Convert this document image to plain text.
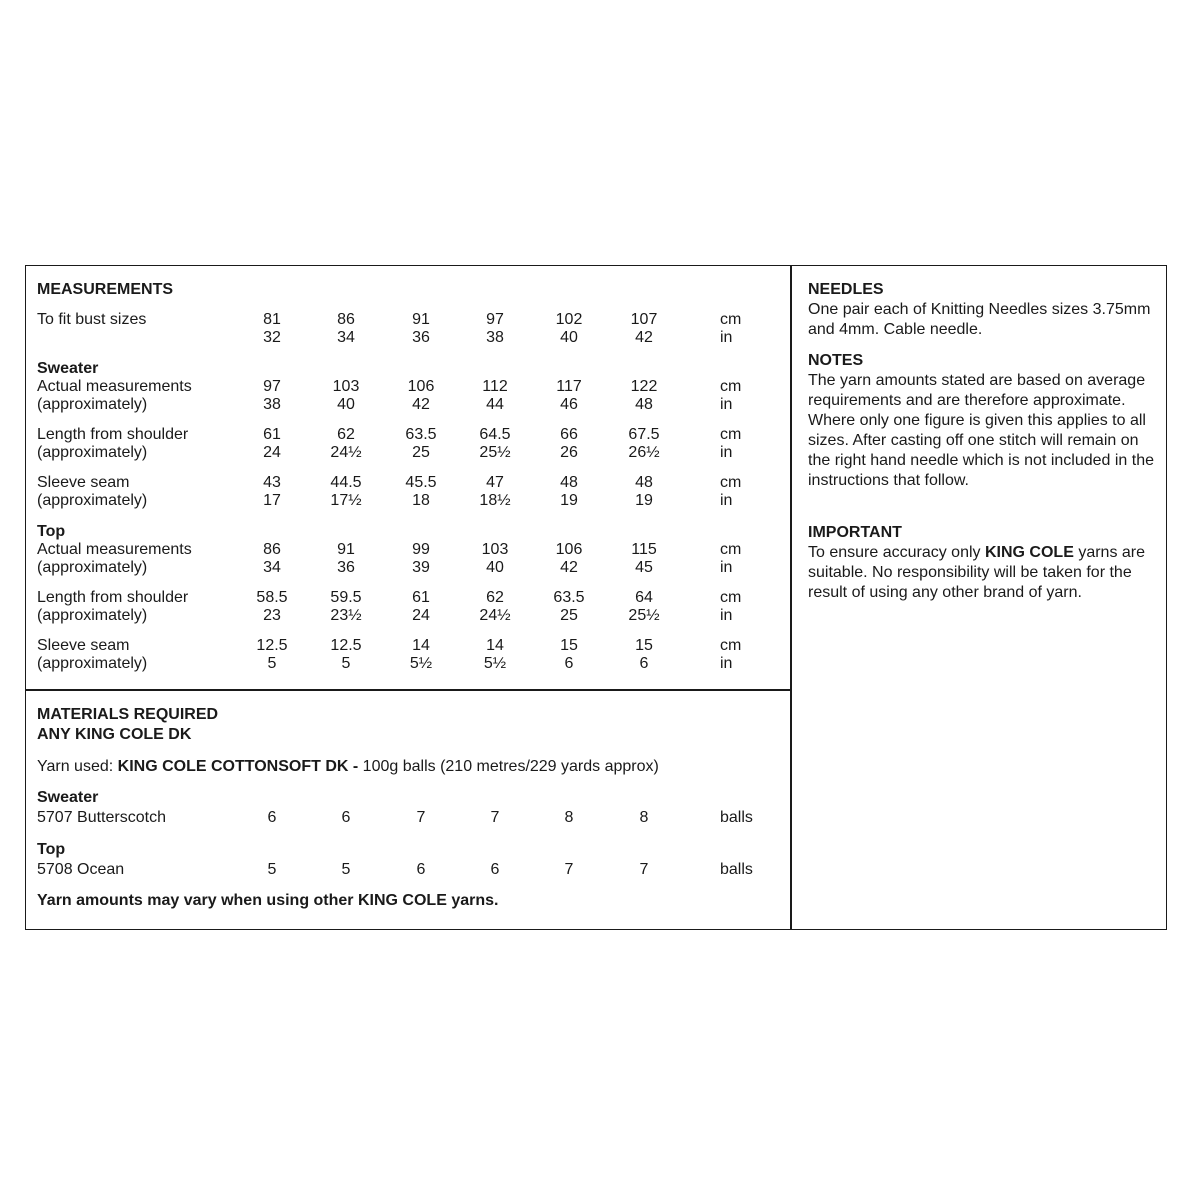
MEASUREMENTS
To fit bust sizes	81	86	91	97	102	107	cm
32	34	36	38	40	42	in
Sweater
Actual measurements
(approximately)
97	103	106	112	117	122	cm
38	40	42	44	46	48	in
Length from shoulder
(approximately)
61	62	63.5	64.5	66	67.5	cm
24	24½	25	25½	26	26½	in
Sleeve seam
(approximately)
43	44.5	45.5	47	48	48	cm
17	17½	18	18½	19	19	in
Top
Actual measurements
(approximately)
86	91	99	103	106	115	cm
34	36	39	40	42	45	in
Length from shoulder
(approximately)
58.5	59.5	61	62	63.5	64	cm
23	23½	24	24½	25	25½	in
Sleeve seam
(approximately)
12.5	12.5	14	14	15	15	cm
5	5	5½	5½	6	6	in
MATERIALS REQUIRED
ANY KING COLE DK
Yarn used: KING COLE COTTONSOFT DK - 100g balls (210 metres/229 yards approx)
Sweater
5707 Butterscotch	6	6	7	7	8	8	balls
Top
5708 Ocean	5	5	6	6	7	7	balls
Yarn amounts may vary when using other KING COLE yarns.
NEEDLES

One pair each of Knitting Needles sizes 3.75mm and 4mm. Cable needle.

NOTES

The yarn amounts stated are based on average requirements and are therefore approximate. Where only one figure is given this applies to all sizes. After casting off one stitch will remain on the right hand needle which is not included in the instructions that follow.

IMPORTANT

To ensure accuracy only KING COLE yarns are suitable. No responsibility will be taken for the result of using any other brand of yarn.
